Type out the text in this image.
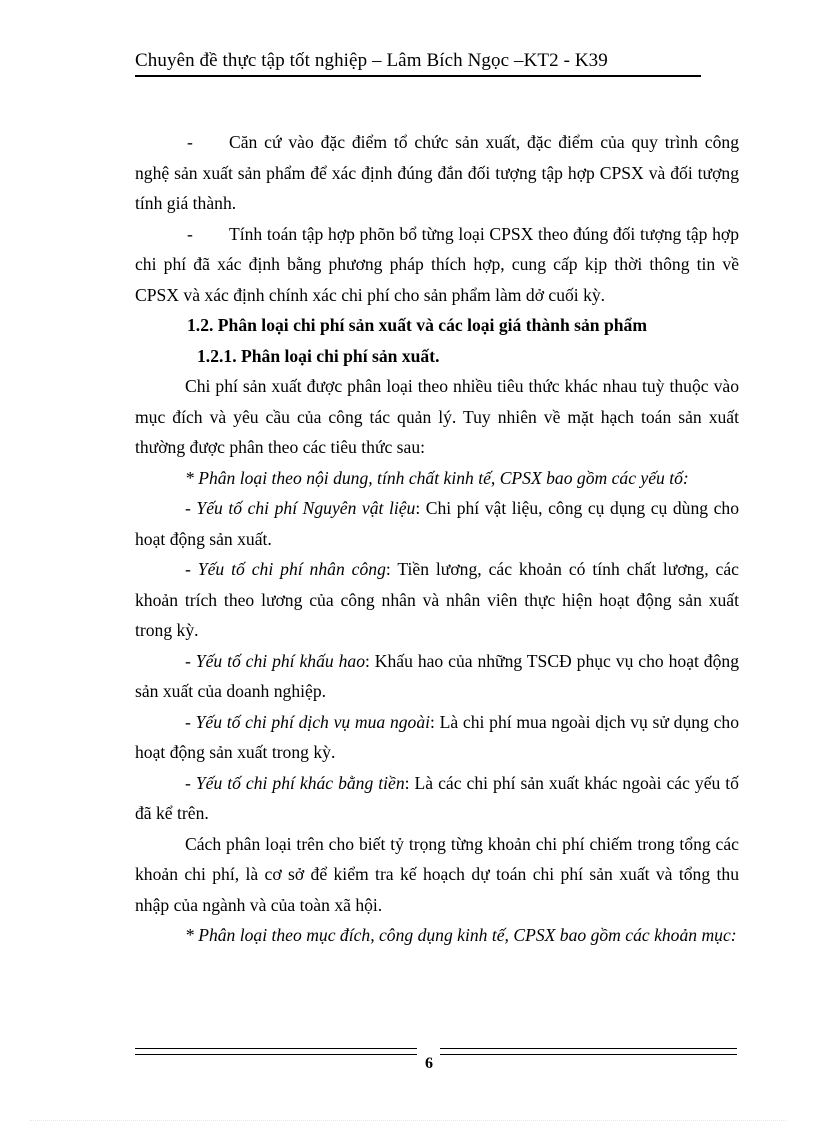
Chuyên đề thực tập tốt nghiệp – Lâm Bích Ngọc –KT2 - K39

- Căn cứ vào đặc điểm tổ chức sản xuất, đặc điểm của quy trình công nghệ sản xuất sản phẩm để xác định đúng đắn đối tượng tập hợp CPSX và đối tượng tính giá thành.

- Tính toán tập hợp phõn bổ từng loại CPSX theo đúng đối tượng tập hợp chi phí đã xác định bằng phương pháp thích hợp, cung cấp kịp thời thông tin về CPSX và xác định chính xác chi phí cho sản phẩm làm dở cuối kỳ.

1.2. Phân loại chi phí sản xuất và các loại giá thành sản phẩm

1.2.1. Phân loại chi phí sản xuất.

Chi phí sản xuất được phân loại theo nhiều tiêu thức khác nhau tuỳ thuộc vào mục đích và yêu cầu của công tác quản lý. Tuy nhiên về mặt hạch toán sản xuất thường được phân theo các tiêu thức sau:

* Phân loại theo nội dung, tính chất kinh tế, CPSX bao gồm các yếu tố:

- Yếu tố chi phí Nguyên vật liệu: Chi phí vật liệu, công cụ dụng cụ dùng cho hoạt động sản xuất.

- Yếu tố chi phí nhân công: Tiền lương, các khoản có tính chất lương, các khoản trích theo lương của công nhân và nhân viên thực hiện hoạt động sản xuất trong kỳ.

- Yếu tố chi phí khấu hao: Khấu hao của những TSCĐ phục vụ cho hoạt động sản xuất của doanh nghiệp.

- Yếu tố chi phí dịch vụ mua ngoài: Là chi phí mua ngoài dịch vụ sử dụng cho hoạt động sản xuất trong kỳ.

- Yếu tố chi phí khác bằng tiền: Là các chi phí sản xuất khác ngoài các yếu tố đã kể trên.

Cách phân loại trên cho biết tỷ trọng từng khoản chi phí chiếm trong tổng các khoản chi phí, là cơ sở để kiểm tra kế hoạch dự toán chi phí sản xuất và tổng thu nhập của ngành và của toàn xã hội.

* Phân loại theo mục đích, công dụng kinh tế, CPSX bao gồm các khoản mục:

6
